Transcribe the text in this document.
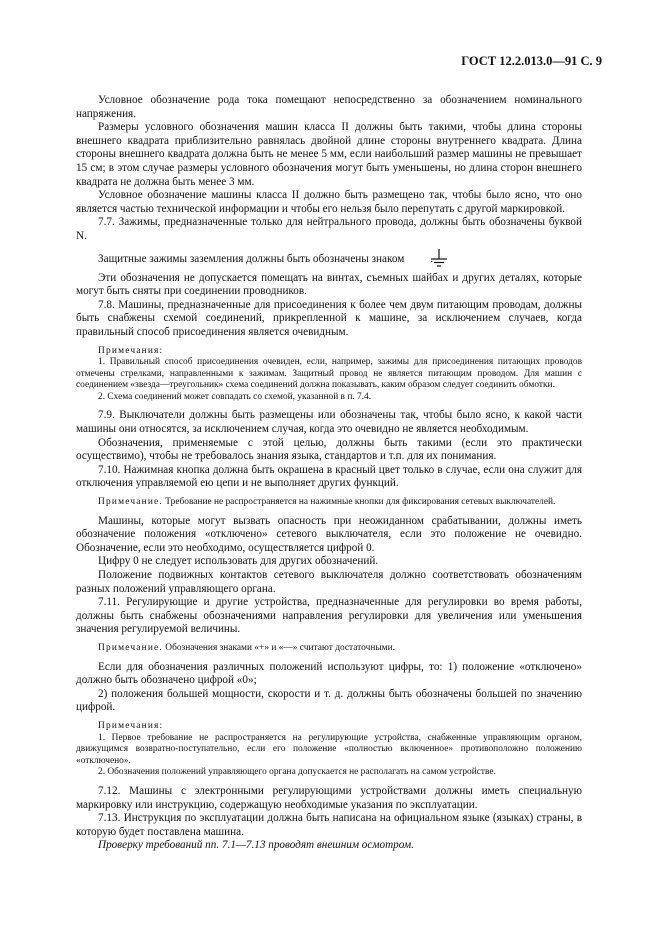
ГОСТ 12.2.013.0—91 С. 9

Условное обозначение рода тока помещают непосредственно за обозначением номинального напряжения.

Размеры условного обозначения машин класса II должны быть такими, чтобы длина стороны внешнего квадрата приблизительно равнялась двойной длине стороны внутреннего квадрата. Длина стороны внешнего квадрата должна быть не менее 5 мм, если наибольший размер машины не превышает 15 см; в этом случае размеры условного обозначения могут быть уменьшены, но длина сторон внешнего квадрата не должна быть менее 3 мм.

Условное обозначение машины класса II должно быть размещено так, чтобы было ясно, что оно является частью технической информации и чтобы его нельзя было перепутать с другой маркировкой.

7.7. Зажимы, предназначенные только для нейтрального провода, должны быть обозначены буквой N.

Защитные зажимы заземления должны быть обозначены знаком .

Эти обозначения не допускается помещать на винтах, съемных шайбах и других деталях, которые могут быть сняты при соединении проводников.

7.8. Машины, предназначенные для присоединения к более чем двум питающим проводам, должны быть снабжены схемой соединений, прикрепленной к машине, за исключением случаев, когда правильный способ присоединения является очевидным.

Примечания:

1. Правильный способ присоединения очевиден, если, например, зажимы для присоединения питающих проводов отмечены стрелками, направленными к зажимам. Защитный провод не является питающим проводом. Для машин с соединением «звезда—треугольник» схема соединений должна показывать, каким образом следует соединить обмотки.

2. Схема соединений может совпадать со схемой, указанной в п. 7.4.

7.9. Выключатели должны быть размещены или обозначены так, чтобы было ясно, к какой части машины они относятся, за исключением случая, когда это очевидно не является необходимым.

Обозначения, применяемые с этой целью, должны быть такими (если это практически осуществимо), чтобы не требовалось знания языка, стандартов и т.п. для их понимания.

7.10. Нажимная кнопка должна быть окрашена в красный цвет только в случае, если она служит для отключения управляемой ею цепи и не выполняет других функций.

Примечание. Требование не распространяется на нажимные кнопки для фиксирования сетевых выключателей.

Машины, которые могут вызвать опасность при неожиданном срабатывании, должны иметь обозначение положения «отключено» сетевого выключателя, если это положение не очевидно. Обозначение, если это необходимо, осуществляется цифрой 0.

Цифру 0 не следует использовать для других обозначений.

Положение подвижных контактов сетевого выключателя должно соответствовать обозначениям разных положений управляющего органа.

7.11. Регулирующие и другие устройства, предназначенные для регулировки во время работы, должны быть снабжены обозначениями направления регулировки для увеличения или уменьшения значения регулируемой величины.

Примечание. Обозначения знаками «+» и «—» считают достаточными.

Если для обозначения различных положений используют цифры, то: 1) положение «отключено» должно быть обозначено цифрой «0»;

2) положения большей мощности, скорости и т. д. должны быть обозначены большей по значению цифрой.

Примечания:

1. Первое требование не распространяется на регулирующие устройства, снабженные управляющим органом, движущимся возвратно-поступательно, если его положение «полностью включенное» противоположно положению «отключено».

2. Обозначения положений управляющего органа допускается не располагать на самом устройстве.

7.12. Машины с электронными регулирующими устройствами должны иметь специальную маркировку или инструкцию, содержащую необходимые указания по эксплуатации.

7.13. Инструкция по эксплуатации должна быть написана на официальном языке (языках) страны, в которую будет поставлена машина.

Проверку требований пп. 7.1—7.13 проводят внешним осмотром.
